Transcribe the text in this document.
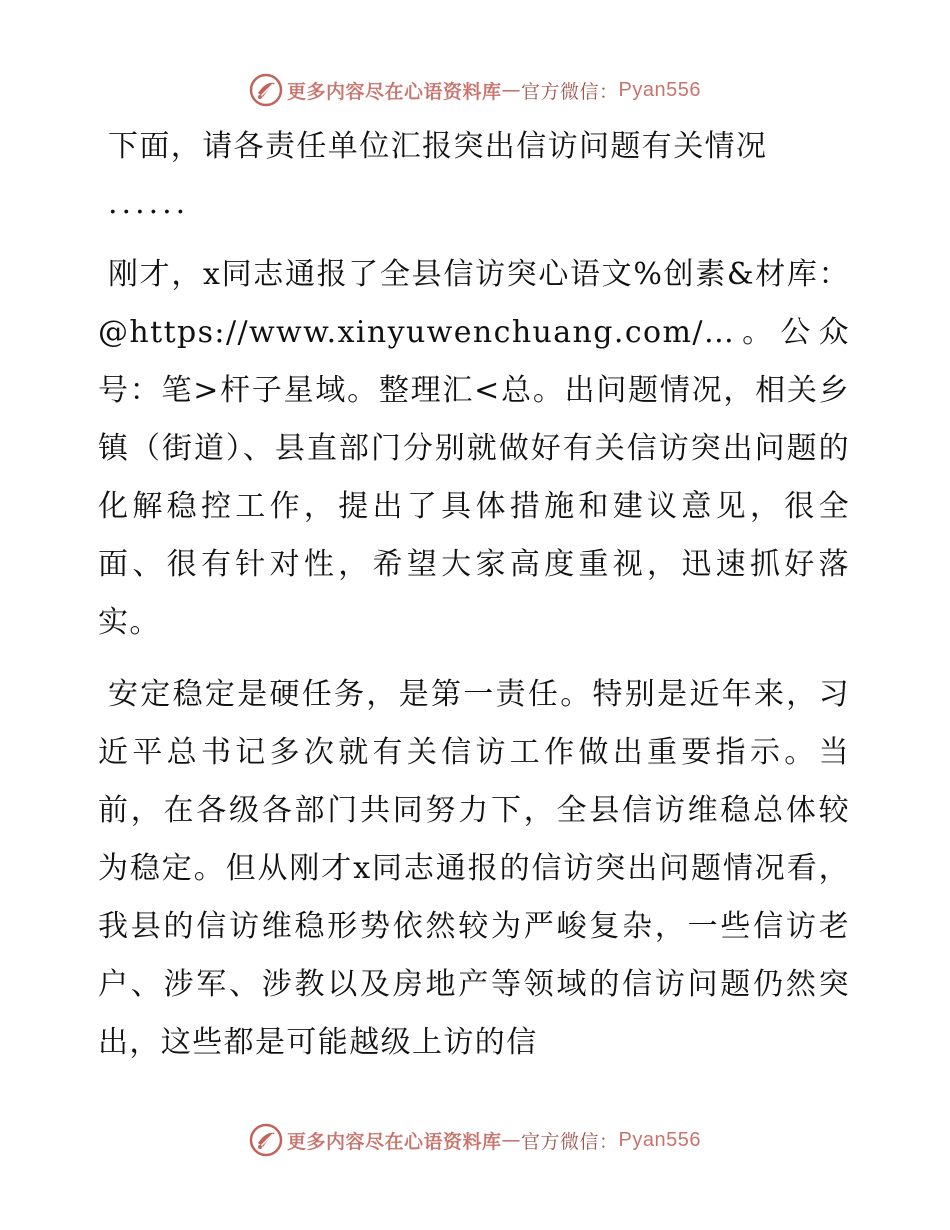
更多内容尽在心语资料库 — 官方微信： Pyan556

下面，请各责任单位汇报突出信访问题有关情况

......

刚才，x同志通报了全县信访突心语文%创素&材库：@https://www.xinyuwenchuang.com/…。公众号：笔>杆子星域。整理汇<总。出问题情况，相关乡镇（街道）、县直部门分别就做好有关信访突出问题的化解稳控工作，提出了具体措施和建议意见，很全面、很有针对性，希望大家高度重视，迅速抓好落实。

安定稳定是硬任务，是第一责任。特别是近年来，习近平总书记多次就有关信访工作做出重要指示。当前，在各级各部门共同努力下，全县信访维稳总体较为稳定。但从刚才x同志通报的信访突出问题情况看，我县的信访维稳形势依然较为严峻复杂，一些信访老户、涉军、涉教以及房地产等领域的信访问题仍然突出，这些都是可能越级上访的信

更多内容尽在心语资料库 — 官方微信： Pyan556
